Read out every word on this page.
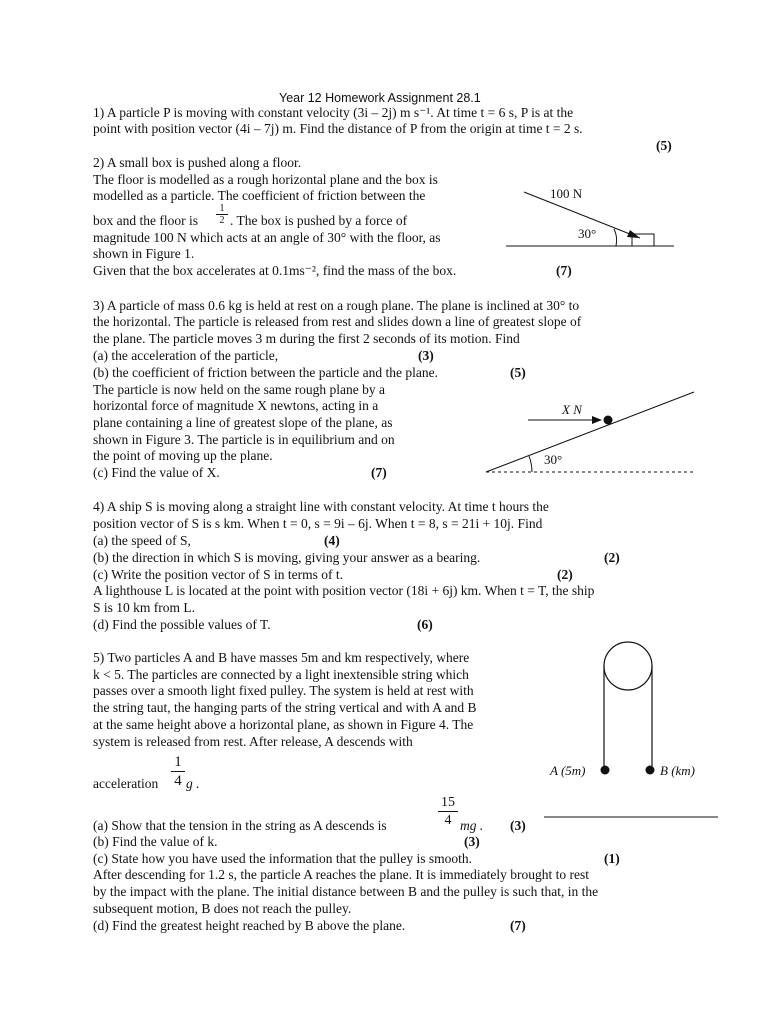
Year 12 Homework Assignment 28.1
1) A particle P is moving with constant velocity (3i – 2j) m s⁻¹. At time t = 6 s, P is at the
point with position vector (4i – 7j) m. Find the distance of P from the origin at time t = 2 s.
(5)
2) A small box is pushed along a floor.
The floor is modelled as a rough horizontal plane and the box is
modelled as a particle. The coefficient of friction between the
box and the floor is $\frac{1}{2}$ . The box is pushed by a force of
magnitude 100 N which acts at an angle of 30° with the floor, as
shown in Figure 1.
Given that the box accelerates at 0.1ms⁻², find the mass of the box.	(7)
100 N
30°
3) A particle of mass 0.6 kg is held at rest on a rough plane. The plane is inclined at 30° to
the horizontal. The particle is released from rest and slides down a line of greatest slope of
the plane. The particle moves 3 m during the first 2 seconds of its motion. Find
(a) the acceleration of the particle,	(3)
(b) the coefficient of friction between the particle and the plane.	(5)
The particle is now held on the same rough plane by a
horizontal force of magnitude X newtons, acting in a
plane containing a line of greatest slope of the plane, as
shown in Figure 3. The particle is in equilibrium and on
the point of moving up the plane.
(c) Find the value of X.	(7)
X N
30°
4) A ship S is moving along a straight line with constant velocity. At time t hours the
position vector of S is s km. When t = 0, s = 9i – 6j. When t = 8, s = 21i + 10j. Find
(a) the speed of S,	(4)
(b) the direction in which S is moving, giving your answer as a bearing.	(2)
(c) Write the position vector of S in terms of t.	(2)
A lighthouse L is located at the point with position vector (18i + 6j) km. When t = T, the ship
S is 10 km from L.
(d) Find the possible values of T.	(6)
5) Two particles A and B have masses 5m and km respectively, where
k < 5. The particles are connected by a light inextensible string which
passes over a smooth light fixed pulley. The system is held at rest with
the string taut, the hanging parts of the string vertical and with A and B
at the same height above a horizontal plane, as shown in Figure 4. The
system is released from rest. After release, A descends with
acceleration $\frac{1}{4}$ g .
(a) Show that the tension in the string as A descends is	$\frac{15}{4}$ mg . (3)
(b) Find the value of k.	(3)
(c) State how you have used the information that the pulley is smooth.	(1)
After descending for 1.2 s, the particle A reaches the plane. It is immediately brought to rest
by the impact with the plane. The initial distance between B and the pulley is such that, in the
subsequent motion, B does not reach the pulley.
(d) Find the greatest height reached by B above the plane.	(7)
A (5m)	B (km)
